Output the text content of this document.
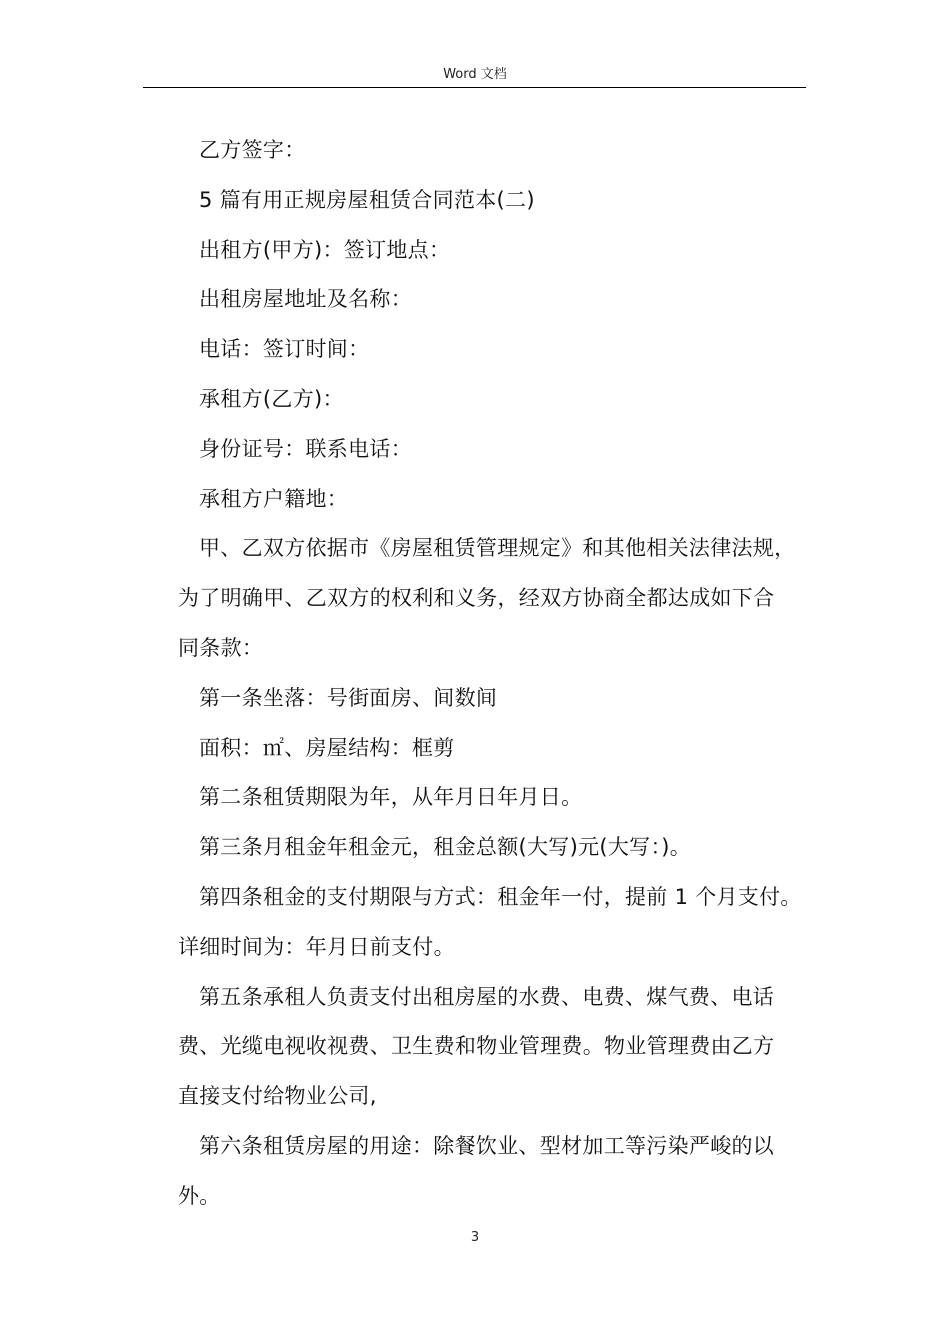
Word 文档

乙方签字：

5 篇有用正规房屋租赁合同范本(二)

出租方(甲方)：签订地点：

出租房屋地址及名称：

电话：签订时间：

承租方(乙方)：

身份证号：联系电话：

承租方户籍地：

甲、乙双方依据市《房屋租赁管理规定》和其他相关法律法规，

为了明确甲、乙双方的权利和义务，经双方协商全都达成如下合

同条款：

第一条坐落：号街面房、间数间

面积：㎡、房屋结构：框剪

第二条租赁期限为年，从年月日年月日。

第三条月租金年租金元，租金总额(大写)元(大写：)。

第四条租金的支付期限与方式：租金年一付，提前 1 个月支付。

详细时间为：年月日前支付。

第五条承租人负责支付出租房屋的水费、电费、煤气费、电话

费、光缆电视收视费、卫生费和物业管理费。物业管理费由乙方

直接支付给物业公司,

第六条租赁房屋的用途：除餐饮业、型材加工等污染严峻的以

外。

3
